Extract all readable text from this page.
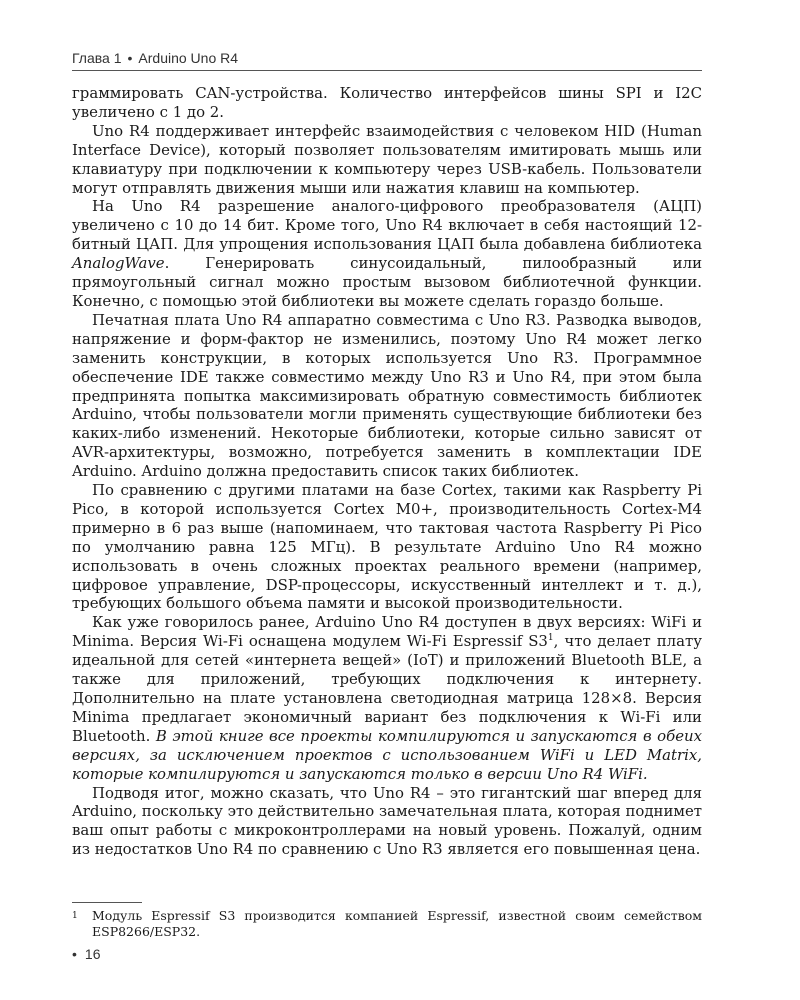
Глава 1 • Arduino Uno R4

граммировать CAN-устройства. Количество интерфейсов шины SPI и I2C увеличено с 1 до 2.

Uno R4 поддерживает интерфейс взаимодействия с человеком HID (Human Interface Device), который позволяет пользователям имитировать мышь или клавиатуру при подключении к компьютеру через USB-кабель. Пользователи могут отправлять движения мыши или нажатия клавиш на компьютер.

На Uno R4 разрешение аналого-цифрового преобразователя (АЦП) увеличено с 10 до 14 бит. Кроме того, Uno R4 включает в себя настоящий 12-битный ЦАП. Для упрощения использования ЦАП была добавлена библиотека AnalogWave. Генерировать синусоидальный, пилообразный или прямоугольный сигнал можно простым вызовом библиотечной функции. Конечно, с помощью этой библиотеки вы можете сделать гораздо больше.

Печатная плата Uno R4 аппаратно совместима с Uno R3. Разводка выводов, напряжение и форм-фактор не изменились, поэтому Uno R4 может легко заменить конструкции, в которых используется Uno R3. Программное обеспечение IDE также совместимо между Uno R3 и Uno R4, при этом была предпринята попытка максимизировать обратную совместимость библиотек Arduino, чтобы пользователи могли применять существующие библиотеки без каких-либо изменений. Некоторые библиотеки, которые сильно зависят от AVR-архитектуры, возможно, потребуется заменить в комплектации IDE Arduino. Arduino должна предоставить список таких библиотек.

По сравнению с другими платами на базе Cortex, такими как Raspberry Pi Pico, в которой используется Cortex M0+, производительность Cortex-M4 примерно в 6 раз выше (напоминаем, что тактовая частота Raspberry Pi Pico по умолчанию равна 125 МГц). В результате Arduino Uno R4 можно использовать в очень сложных проектах реального времени (например, цифровое управление, DSP-процессоры, искусственный интеллект и т. д.), требующих большого объема памяти и высокой производительности.

Как уже говорилось ранее, Arduino Uno R4 доступен в двух версиях: WiFi и Minima. Версия Wi-Fi оснащена модулем Wi-Fi Espressif $S3^1$, что делает плату идеальной для сетей «интернета вещей» (IoT) и приложений Bluetooth BLE, а также для приложений, требующих подключения к интернету. Дополнительно на плате установлена светодиодная матрица 128×8. Версия Minima предлагает экономичный вариант без подключения к Wi-Fi или Bluetooth. В этой книге все проекты компилируются и запускаются в обеих версиях, за исключением проектов с использованием WiFi и LED Matrix, которые компилируются и запускаются только в версии Uno R4 WiFi.

Подводя итог, можно сказать, что Uno R4 – это гигантский шаг вперед для Arduino, поскольку это действительно замечательная плата, которая поднимет ваш опыт работы с микроконтроллерами на новый уровень. Пожалуй, одним из недостатков Uno R4 по сравнению с Uno R3 является его повышенная цена.

1	Модуль Espressif S3 производится компанией Espressif, известной своим семейством ESP8266/ESP32.
• 16
